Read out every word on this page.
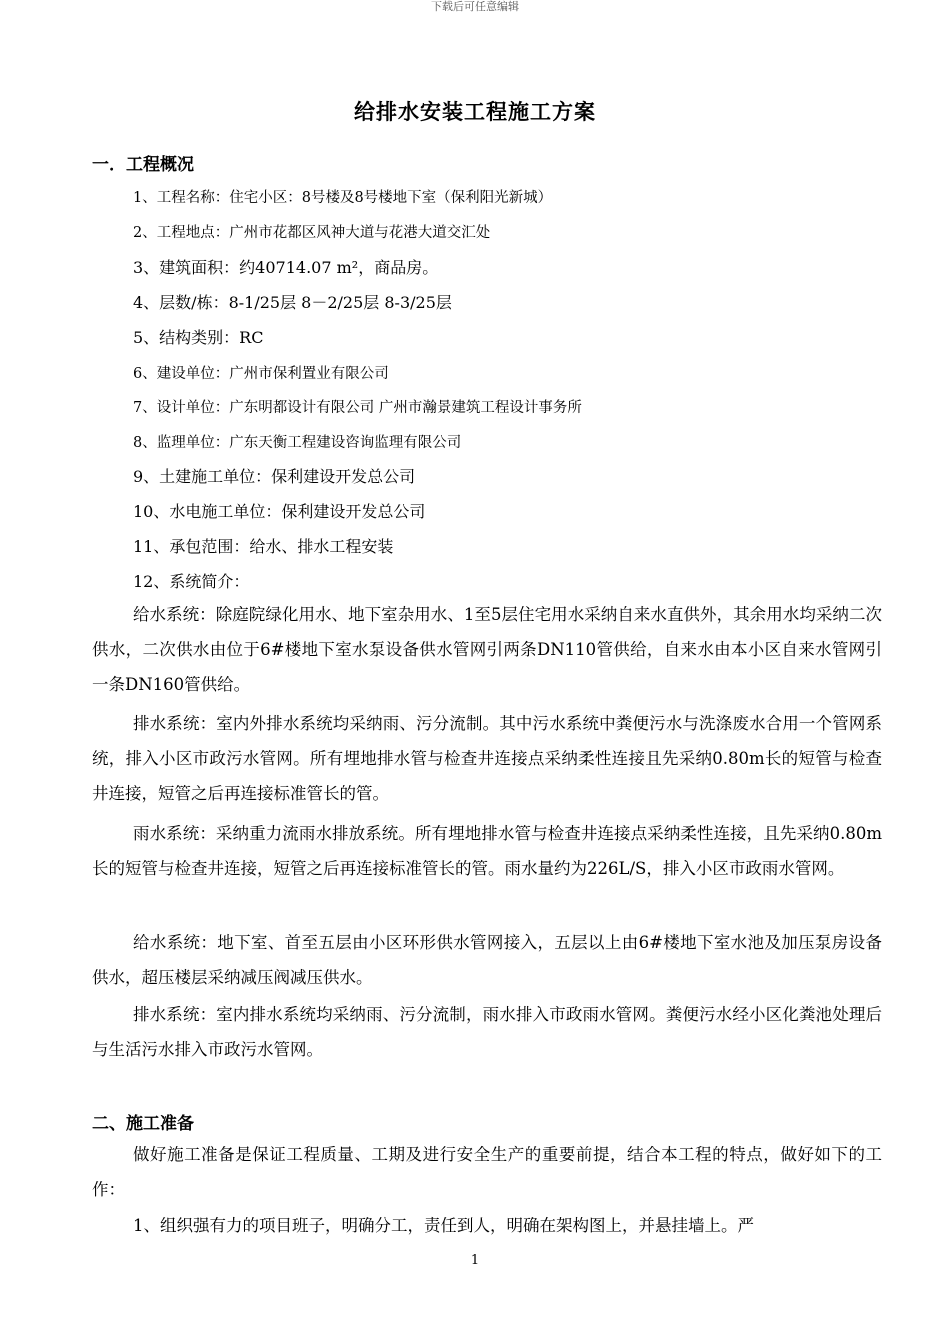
下载后可任意编辑
给排水安装工程施工方案
一．工程概况
1、工程名称：住宅小区：8号楼及8号楼地下室（保利阳光新城）
2、工程地点：广州市花都区风神大道与花港大道交汇处
3、建筑面积：约40714.07 m²，商品房。
4、层数/栋：8-1/25层 8－2/25层 8-3/25层
5、结构类别：RC
6、建设单位：广州市保利置业有限公司
7、设计单位：广东明都设计有限公司 广州市瀚景建筑工程设计事务所
8、监理单位：广东天衡工程建设咨询监理有限公司
9、土建施工单位：保利建设开发总公司
10、水电施工单位：保利建设开发总公司
11、承包范围：给水、排水工程安装
12、系统简介：

给水系统：除庭院绿化用水、地下室杂用水、1至5层住宅用水采纳自来水直供外，其余用水均采纳二次供水，二次供水由位于6#楼地下室水泵设备供水管网引两条DN110管供给，自来水由本小区自来水管网引一条DN160管供给。

排水系统：室内外排水系统均采纳雨、污分流制。其中污水系统中粪便污水与洗涤废水合用一个管网系统，排入小区市政污水管网。所有埋地排水管与检查井连接点采纳柔性连接且先采纳0.80m长的短管与检查井连接，短管之后再连接标准管长的管。

雨水系统：采纳重力流雨水排放系统。所有埋地排水管与检查井连接点采纳柔性连接，且先采纳0.80m长的短管与检查井连接，短管之后再连接标准管长的管。雨水量约为226L/S，排入小区市政雨水管网。

给水系统：地下室、首至五层由小区环形供水管网接入，五层以上由6#楼地下室水池及加压泵房设备供水，超压楼层采纳减压阀减压供水。

排水系统：室内排水系统均采纳雨、污分流制，雨水排入市政雨水管网。粪便污水经小区化粪池处理后与生活污水排入市政污水管网。

二、施工准备

做好施工准备是保证工程质量、工期及进行安全生产的重要前提，结合本工程的特点，做好如下的工作：

1、组织强有力的项目班子，明确分工，责任到人，明确在架构图上，并悬挂墙上。严

1
